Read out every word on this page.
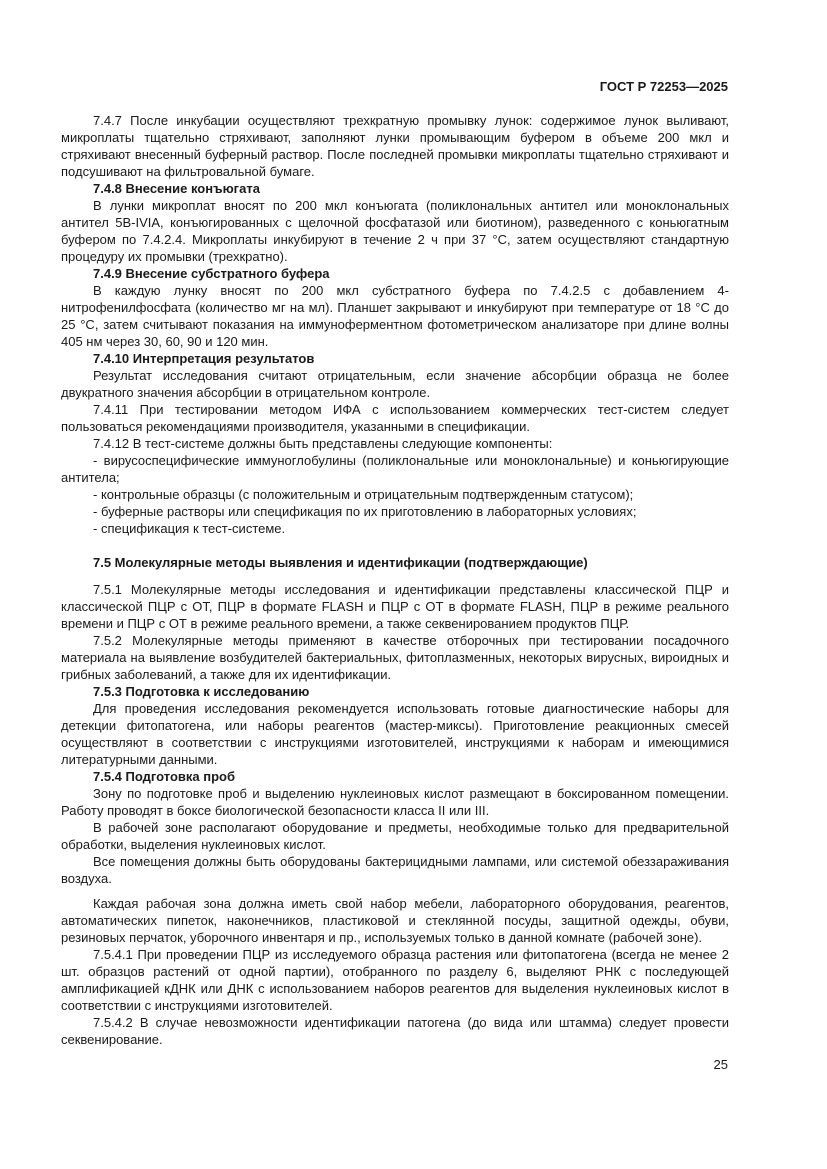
ГОСТ Р 72253—2025

7.4.7 После инкубации осуществляют трехкратную промывку лунок: содержимое лунок выливают, микроплаты тщательно стряхивают, заполняют лунки промывающим буфером в объеме 200 мкл и стряхивают внесенный буферный раствор. После последней промывки микроплаты тщательно стряхивают и подсушивают на фильтровальной бумаге.

7.4.8 Внесение конъюгата

В лунки микроплат вносят по 200 мкл конъюгата (поликлональных антител или моноклональных антител 5B-IVIA, конъюгированных с щелочной фосфатазой или биотином), разведенного с коньюгатным буфером по 7.4.2.4. Микроплаты инкубируют в течение 2 ч при 37 °С, затем осуществляют стандартную процедуру их промывки (трехкратно).

7.4.9 Внесение субстратного буфера

В каждую лунку вносят по 200 мкл субстратного буфера по 7.4.2.5 с добавлением 4-нитрофенилфосфата (количество мг на мл). Планшет закрывают и инкубируют при температуре от 18 °С до 25 °С, затем считывают показания на иммуноферментном фотометрическом анализаторе при длине волны 405 нм через 30, 60, 90 и 120 мин.

7.4.10 Интерпретация результатов

Результат исследования считают отрицательным, если значение абсорбции образца не более двукратного значения абсорбции в отрицательном контроле.

7.4.11 При тестировании методом ИФА с использованием коммерческих тест-систем следует пользоваться рекомендациями производителя, указанными в спецификации.

7.4.12 В тест-системе должны быть представлены следующие компоненты:

- вирусоспецифические иммуноглобулины (поликлональные или моноклональные) и коньюгирующие антитела;

- контрольные образцы (с положительным и отрицательным подтвержденным статусом);

- буферные растворы или спецификация по их приготовлению в лабораторных условиях;

- спецификация к тест-системе.

7.5 Молекулярные методы выявления и идентификации (подтверждающие)

7.5.1 Молекулярные методы исследования и идентификации представлены классической ПЦР и классической ПЦР с ОТ, ПЦР в формате FLASH и ПЦР с ОТ в формате FLASH, ПЦР в режиме реального времени и ПЦР с ОТ в режиме реального времени, а также секвенированием продуктов ПЦР.

7.5.2 Молекулярные методы применяют в качестве отборочных при тестировании посадочного материала на выявление возбудителей бактериальных, фитоплазменных, некоторых вирусных, вироидных и грибных заболеваний, а также для их идентификации.

7.5.3 Подготовка к исследованию

Для проведения исследования рекомендуется использовать готовые диагностические наборы для детекции фитопатогена, или наборы реагентов (мастер-миксы). Приготовление реакционных смесей осуществляют в соответствии с инструкциями изготовителей, инструкциями к наборам и имеющимися литературными данными.

7.5.4 Подготовка проб

Зону по подготовке проб и выделению нуклеиновых кислот размещают в боксированном помещении. Работу проводят в боксе биологической безопасности класса II или III.

В рабочей зоне располагают оборудование и предметы, необходимые только для предварительной обработки, выделения нуклеиновых кислот.

Все помещения должны быть оборудованы бактерицидными лампами, или системой обеззараживания воздуха.

Каждая рабочая зона должна иметь свой набор мебели, лабораторного оборудования, реагентов, автоматических пипеток, наконечников, пластиковой и стеклянной посуды, защитной одежды, обуви, резиновых перчаток, уборочного инвентаря и пр., используемых только в данной комнате (рабочей зоне).

7.5.4.1 При проведении ПЦР из исследуемого образца растения или фитопатогена (всегда не менее 2 шт. образцов растений от одной партии), отобранного по разделу 6, выделяют РНК с последующей амплификацией кДНК или ДНК с использованием наборов реагентов для выделения нуклеиновых кислот в соответствии с инструкциями изготовителей.

7.5.4.2 В случае невозможности идентификации патогена (до вида или штамма) следует провести секвенирование.

25
